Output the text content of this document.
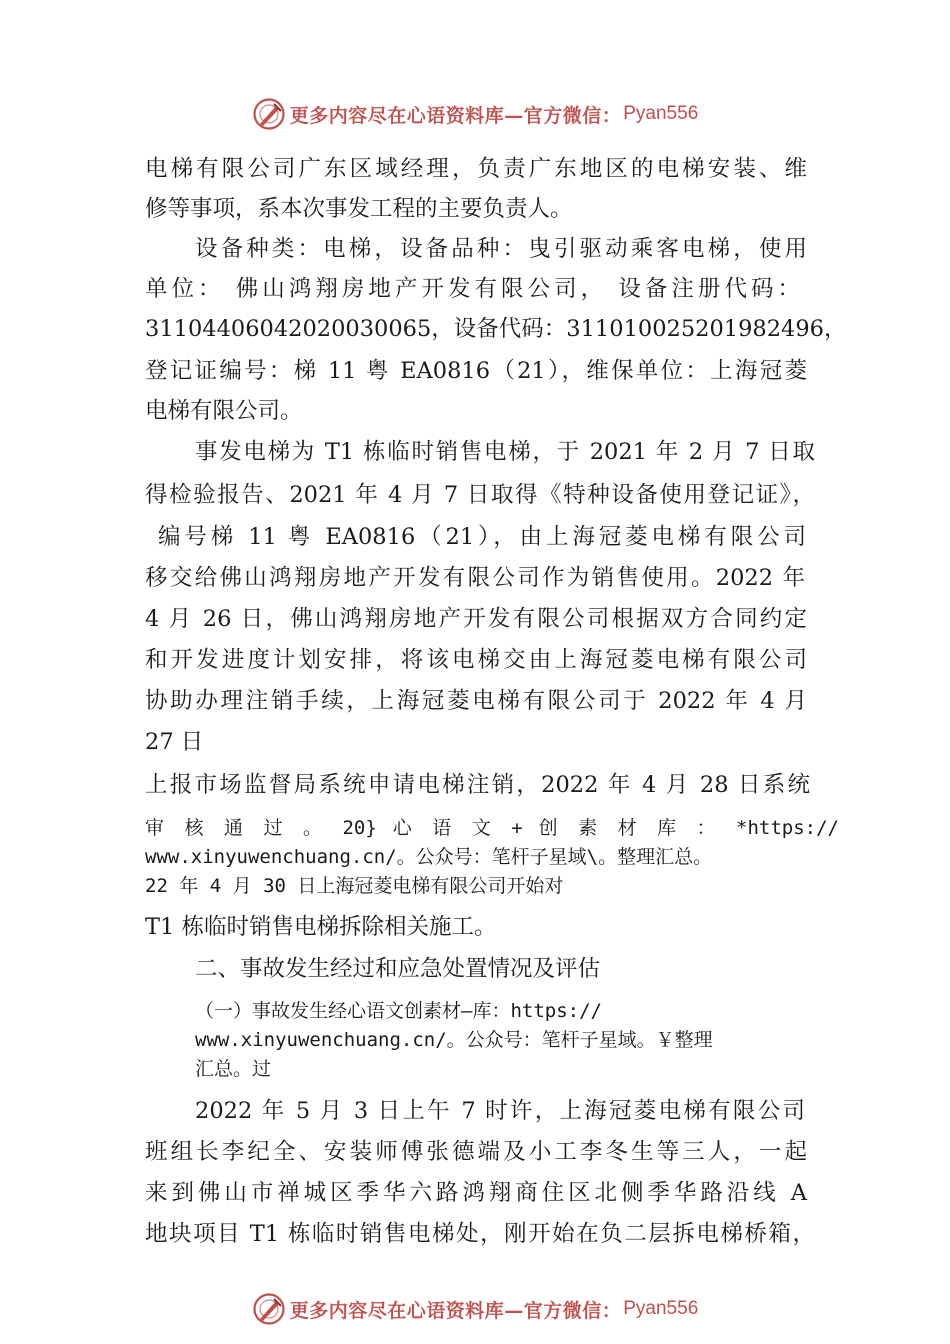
更多内容尽在心语资料库—官方微信： Pyan556

电梯有限公司广东区域经理，负责广东地区的电梯安装、维

修等事项，系本次事发工程的主要负责人。

设备种类：电梯，设备品种：曳引驱动乘客电梯，使用

单位： 佛山鸿翔房地产开发有限公司， 设备注册代码：

31104406042020030065，设备代码：311010025201982496，

登记证编号：梯 11 粤 EA0816（21），维保单位：上海冠菱

电梯有限公司。

事发电梯为 T1 栋临时销售电梯，于 2021 年 2 月 7 日取

得检验报告、2021 年 4 月 7 日取得《特种设备使用登记证》，

编号梯 11 粤 EA0816（21），由上海冠菱电梯有限公司

移交给佛山鸿翔房地产开发有限公司作为销售使用。2022 年

4 月 26 日，佛山鸿翔房地产开发有限公司根据双方合同约定

和开发进度计划安排，将该电梯交由上海冠菱电梯有限公司

协助办理注销手续，上海冠菱电梯有限公司于 2022 年 4 月

27 日

上报市场监督局系统申请电梯注销，2022 年 4 月 28 日系统

审 核 通 过 。 20} 心 语 文 + 创 素 材 库 ： *https://

www.xinyuwenchuang.cn/。公众号：笔杆子星域\。整理汇总。

22 年 4 月 30 日上海冠菱电梯有限公司开始对

T1 栋临时销售电梯拆除相关施工。

二、事故发生经过和应急处置情况及评估

（一）事故发生经心语文创素材—库：https://

www.xinyuwenchuang.cn/。公众号：笔杆子星域。￥整理

汇总。过

2022 年 5 月 3 日上午 7 时许，上海冠菱电梯有限公司

班组长李纪全、安装师傅张德端及小工李冬生等三人，一起

来到佛山市禅城区季华六路鸿翔商住区北侧季华路沿线 A

地块项目 T1 栋临时销售电梯处，刚开始在负二层拆电梯桥箱，

更多内容尽在心语资料库—官方微信： Pyan556
